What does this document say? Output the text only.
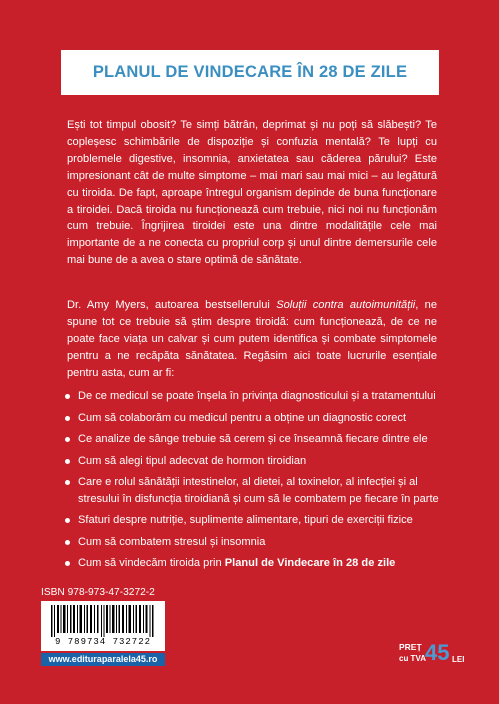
PLANUL DE VINDECARE ÎN 28 DE ZILE

Ești tot timpul obosit? Te simți bătrân, deprimat și nu poți să slăbești? Te copleșesc schimbările de dispoziție și confuzia mentală? Te lupți cu problemele digestive, insomnia, anxietatea sau căderea părului? Este impresionant cât de multe simptome – mai mari sau mai mici – au legătură cu tiroida. De fapt, aproape întregul organism depinde de buna funcționare a tiroidei. Dacă tiroida nu funcționează cum trebuie, nici noi nu funcționăm cum trebuie. Îngrijirea tiroidei este una dintre modalitățile cele mai importante de a ne conecta cu propriul corp și unul dintre demersurile cele mai bune de a avea o stare optimă de sănătate.

Dr. Amy Myers, autoarea bestsellerului Soluții contra autoimunității, ne spune tot ce trebuie să știm despre tiroidă: cum funcționează, de ce ne poate face viața un calvar și cum putem identifica și combate simptomele pentru a ne recăpăta sănătatea. Regăsim aici toate lucrurile esențiale pentru asta, cum ar fi:

De ce medicul se poate înșela în privința diagnosticului și a tratamentului
Cum să colaborăm cu medicul pentru a obține un diagnostic corect
Ce analize de sânge trebuie să cerem și ce înseamnă fiecare dintre ele
Cum să alegi tipul adecvat de hormon tiroidian
Care e rolul sănătății intestinelor, al dietei, al toxinelor, al infecției și al stresului în disfuncția tiroidiană și cum să le combatem pe fiecare în parte
Sfaturi despre nutriție, suplimente alimentare, tipuri de exerciții fizice
Cum să combatem stresul și insomnia
Cum să vindecăm tiroida prin Planul de Vindecare în 28 de zile
ISBN 978-973-47-3272-2
9 789734 732722
www.edituraparalela45.ro
PREȚ
cu TVA 45 LEI
